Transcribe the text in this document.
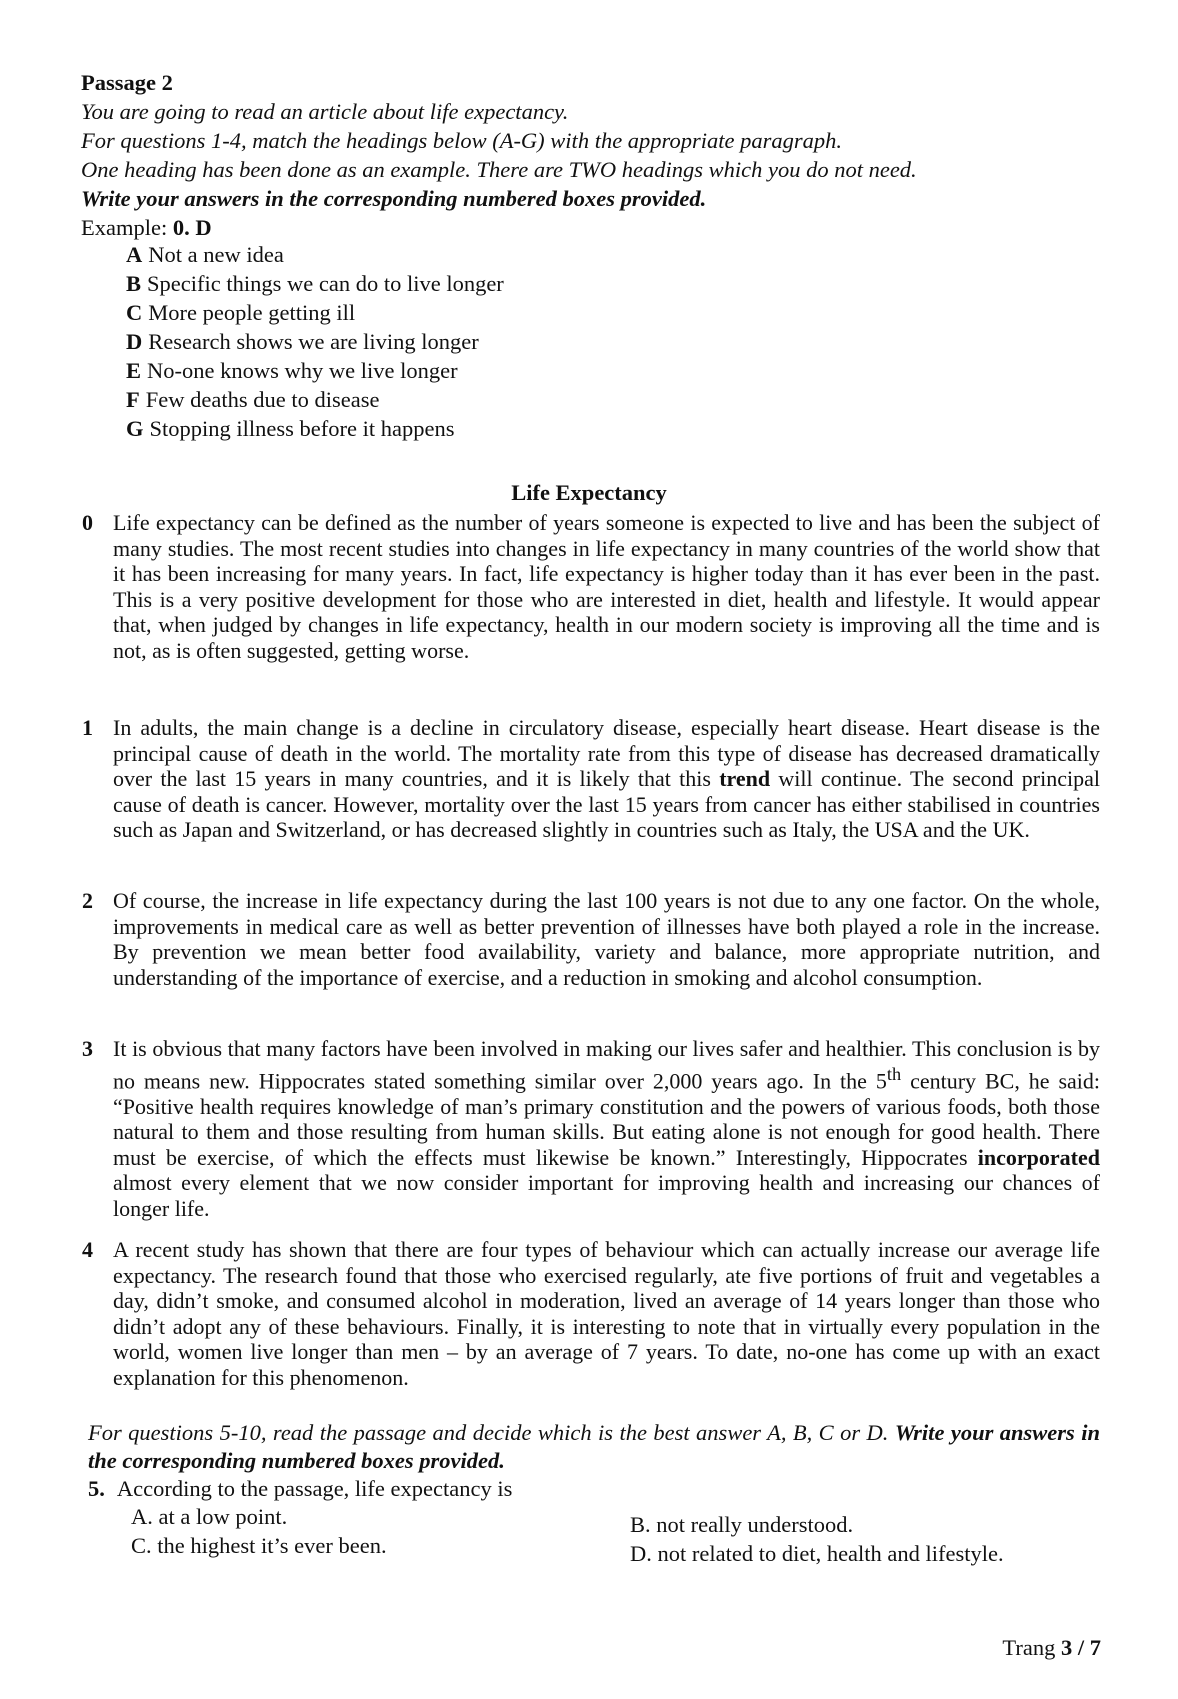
Passage 2
You are going to read an article about life expectancy.
For questions 1-4, match the headings below (A-G) with the appropriate paragraph.
One heading has been done as an example. There are TWO headings which you do not need.
Write your answers in the corresponding numbered boxes provided.
Example: 0. D
A Not a new idea
B Specific things we can do to live longer
C More people getting ill
D Research shows we are living longer
E No-one knows why we live longer
F Few deaths due to disease
G Stopping illness before it happens
Life Expectancy
0 Life expectancy can be defined as the number of years someone is expected to live and has been the subject of many studies. The most recent studies into changes in life expectancy in many countries of the world show that it has been increasing for many years. In fact, life expectancy is higher today than it has ever been in the past. This is a very positive development for those who are interested in diet, health and lifestyle. It would appear that, when judged by changes in life expectancy, health in our modern society is improving all the time and is not, as is often suggested, getting worse.
1 In adults, the main change is a decline in circulatory disease, especially heart disease. Heart disease is the principal cause of death in the world. The mortality rate from this type of disease has decreased dramatically over the last 15 years in many countries, and it is likely that this trend will continue. The second principal cause of death is cancer. However, mortality over the last 15 years from cancer has either stabilised in countries such as Japan and Switzerland, or has decreased slightly in countries such as Italy, the USA and the UK.
2 Of course, the increase in life expectancy during the last 100 years is not due to any one factor. On the whole, improvements in medical care as well as better prevention of illnesses have both played a role in the increase. By prevention we mean better food availability, variety and balance, more appropriate nutrition, and understanding of the importance of exercise, and a reduction in smoking and alcohol consumption.
3 It is obvious that many factors have been involved in making our lives safer and healthier. This conclusion is by no means new. Hippocrates stated something similar over 2,000 years ago. In the 5th century BC, he said: “Positive health requires knowledge of man’s primary constitution and the powers of various foods, both those natural to them and those resulting from human skills. But eating alone is not enough for good health. There must be exercise, of which the effects must likewise be known.” Interestingly, Hippocrates incorporated almost every element that we now consider important for improving health and increasing our chances of longer life.
4 A recent study has shown that there are four types of behaviour which can actually increase our average life expectancy. The research found that those who exercised regularly, ate five portions of fruit and vegetables a day, didn’t smoke, and consumed alcohol in moderation, lived an average of 14 years longer than those who didn’t adopt any of these behaviours. Finally, it is interesting to note that in virtually every population in the world, women live longer than men – by an average of 7 years. To date, no-one has come up with an exact explanation for this phenomenon.
For questions 5-10, read the passage and decide which is the best answer A, B, C or D. Write your answers in the corresponding numbered boxes provided.
5. According to the passage, life expectancy is
A. at a low point.	B. not really understood.
C. the highest it’s ever been.	D. not related to diet, health and lifestyle.
Trang 3 / 7
